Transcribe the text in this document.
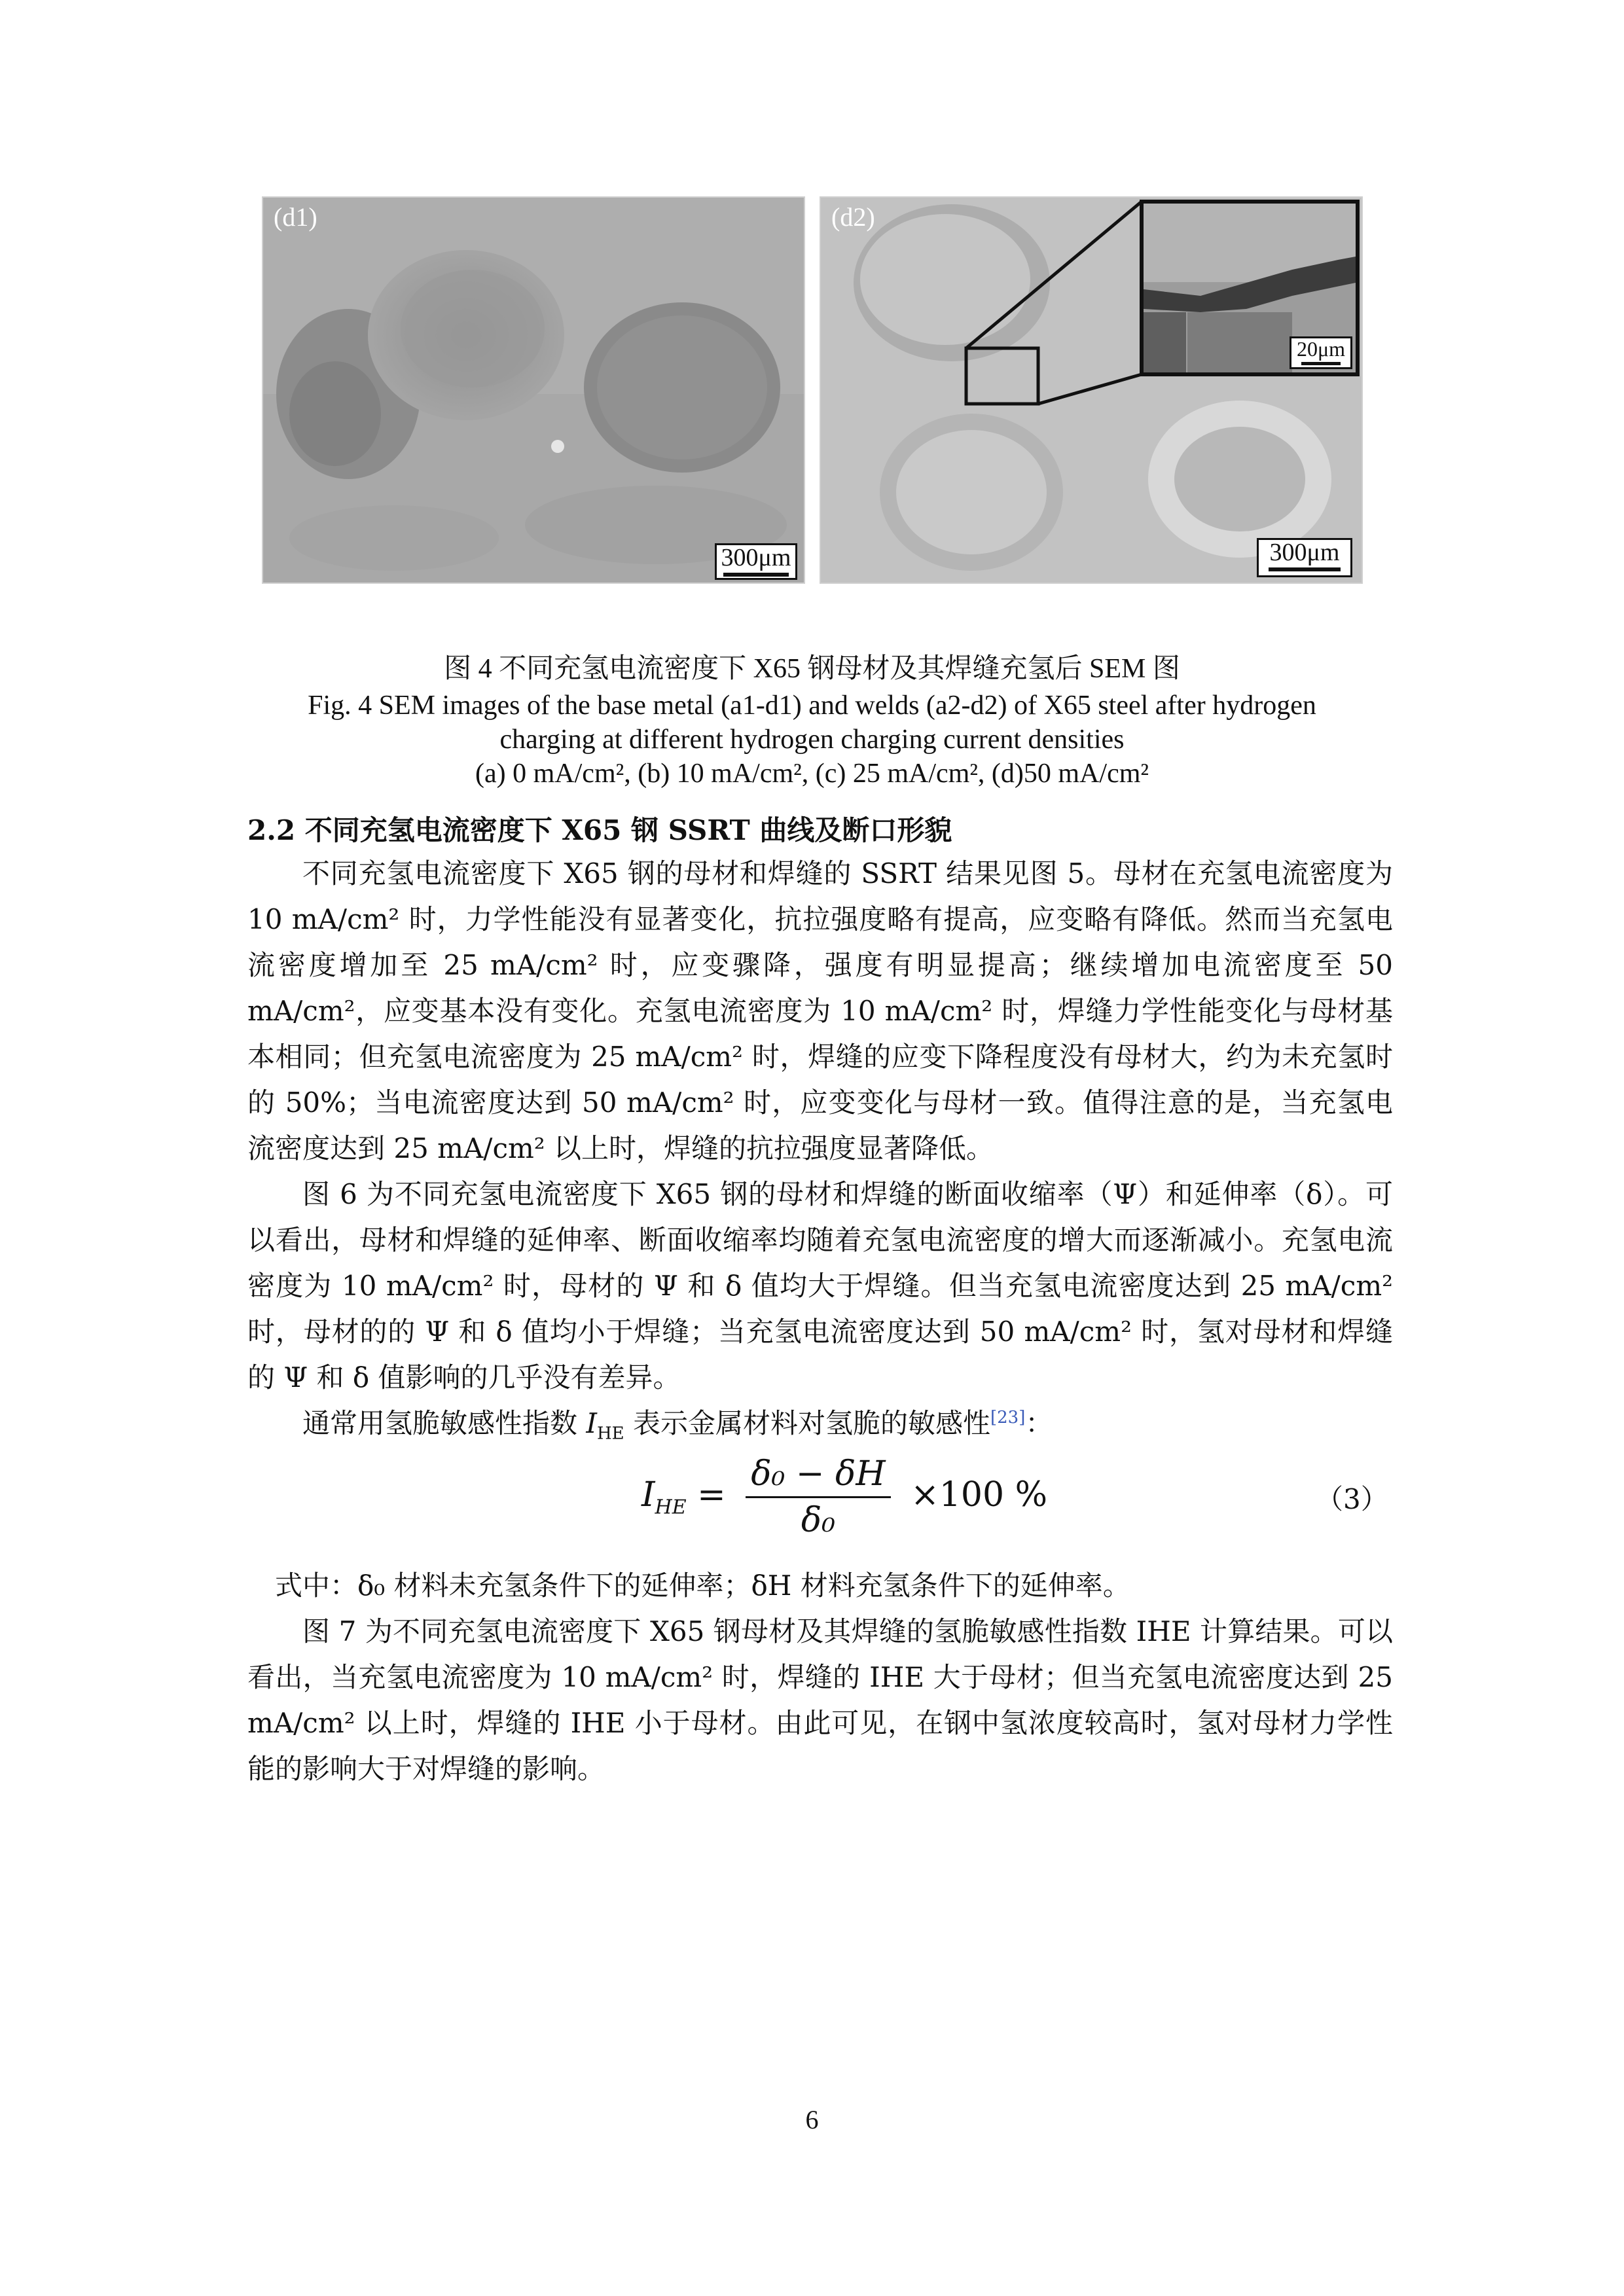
(d1)
300μm
(d2)
20μm
300μm
图 4 不同充氢电流密度下 X65 钢母材及其焊缝充氢后 SEM 图
Fig. 4 SEM images of the base metal (a1-d1) and welds (a2-d2) of X65 steel after hydrogen
charging at different hydrogen charging current densities
(a) 0 mA/cm², (b) 10 mA/cm², (c) 25 mA/cm², (d)50 mA/cm²
2.2 不同充氢电流密度下 X65 钢 SSRT 曲线及断口形貌
不同充氢电流密度下 X65 钢的母材和焊缝的 SSRT 结果见图 5。母材在充氢电流密度为 10 mA/cm² 时，力学性能没有显著变化，抗拉强度略有提高，应变略有降低。然而当充氢电流密度增加至 25 mA/cm² 时，应变骤降，强度有明显提高；继续增加电流密度至 50 mA/cm²，应变基本没有变化。充氢电流密度为 10 mA/cm² 时，焊缝力学性能变化与母材基本相同；但充氢电流密度为 25 mA/cm² 时，焊缝的应变下降程度没有母材大，约为未充氢时的 50%；当电流密度达到 50 mA/cm² 时，应变变化与母材一致。值得注意的是，当充氢电流密度达到 25 mA/cm² 以上时，焊缝的抗拉强度显著降低。
图 6 为不同充氢电流密度下 X65 钢的母材和焊缝的断面收缩率（Ψ）和延伸率（δ）。可以看出，母材和焊缝的延伸率、断面收缩率均随着充氢电流密度的增大而逐渐减小。充氢电流密度为 10 mA/cm² 时，母材的 Ψ 和 δ 值均大于焊缝。但当充氢电流密度达到 25 mA/cm² 时，母材的的 Ψ 和 δ 值均小于焊缝；当充氢电流密度达到 50 mA/cm² 时，氢对母材和焊缝的 Ψ 和 δ 值影响的几乎没有差异。
通常用氢脆敏感性指数 $I_{HE}$ 表示金属材料对氢脆的敏感性[23]：
$I_{HE} = \frac{\text{δ₀ − δH}}{\text{δ₀}} \times 100$ %	（3）
式中：δ₀ 材料未充氢条件下的延伸率；δH 材料充氢条件下的延伸率。
图 7 为不同充氢电流密度下 X65 钢母材及其焊缝的氢脆敏感性指数 IHE 计算结果。可以看出，当充氢电流密度为 10 mA/cm² 时，焊缝的 IHE 大于母材；但当充氢电流密度达到 25 mA/cm² 以上时，焊缝的 IHE 小于母材。由此可见，在钢中氢浓度较高时，氢对母材力学性能的影响大于对焊缝的影响。
6
